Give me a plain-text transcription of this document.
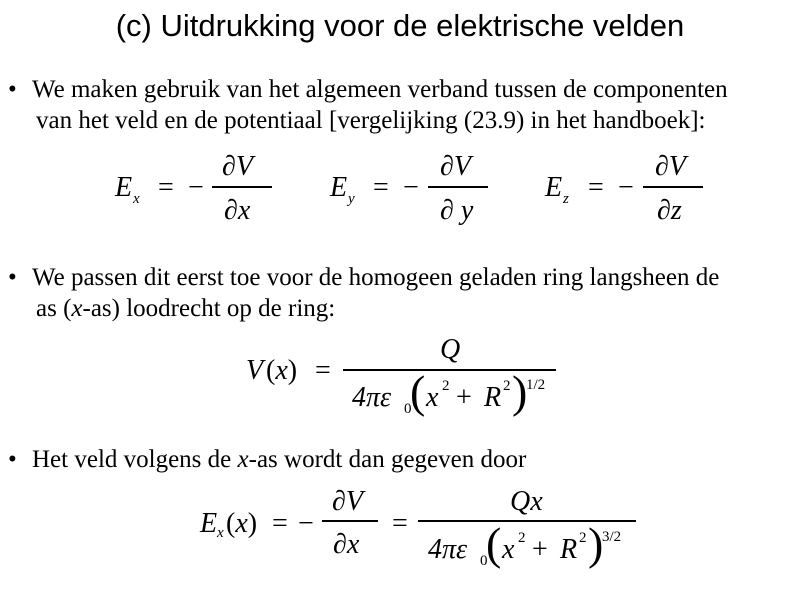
(c) Uitdrukking voor de elektrische velden
• We maken gebruik van het algemeen verband tussen de componenten
van het veld en de potentiaal [vergelijking (23.9) in het handboek]:
E x = −
∂V
∂x
E y = −
∂V
∂ y
E z = −
∂V
∂z
• We passen dit eerst toe voor de homogeen geladen ring langsheen de
as (x-as) loodrecht op de ring:
V (x) =
Q
4πε 0
( x 2 + R 2 )
1/2
• Het veld volgens de x-as wordt dan gegeven door
E x (x) = −
∂V
∂x
=
Qx
4πε 0
( x 2 + R 2 )
3/2
